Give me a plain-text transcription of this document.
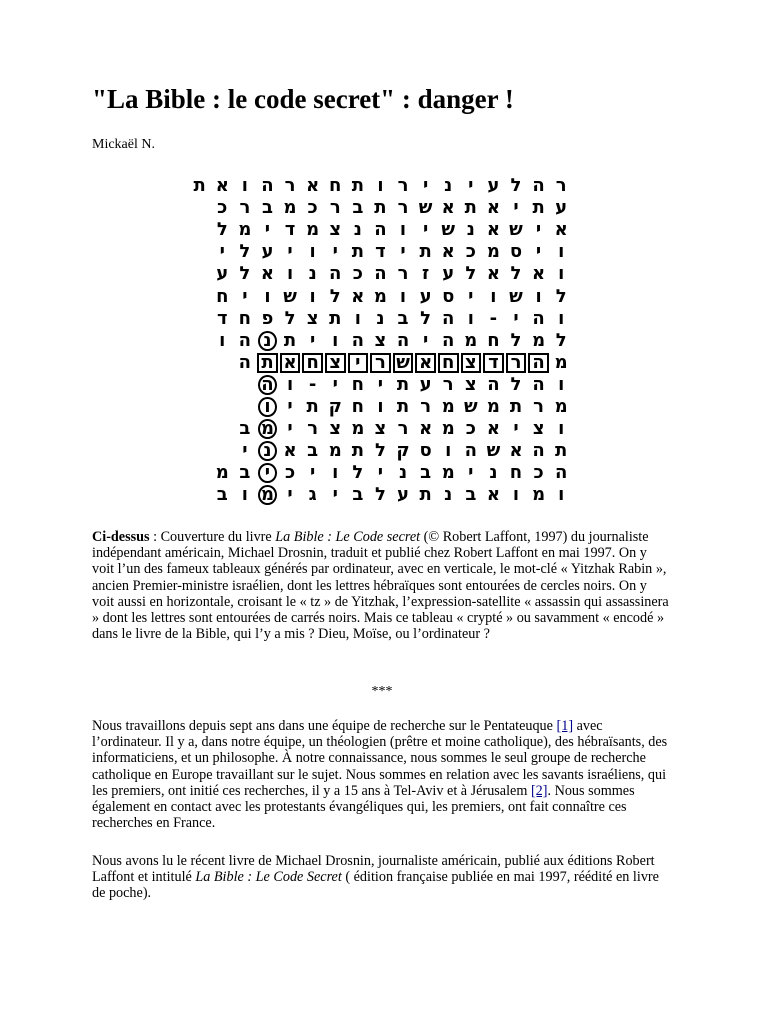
"La Bible : le code secret" : danger !
Mickaël N.
ר
ה
ל
ע
י
נ
י
ר
ו
ת
ח
א
ר
ה
ו
א
ת
ע
ת
י
א
ת
א
ש
ר
ת
ב
ר
כ
מ
ב
ר
כ
א
י
ש
א
נ
ש
י
ו
ה
נ
צ
מ
ד
י
מ
ל
ו
י
ס
מ
כ
א
ת
י
ד
ת
י
ו
י
ע
ל
י
ו
א
ל
א
ל
ע
ז
ר
ה
כ
ה
נ
ו
א
ל
ע
ל
ו
ש
ו
י
ס
ע
ו
מ
א
ל
ו
ש
ו
י
ח
ו
ה
י
-
ו
ה
ל
ב
נ
ו
ת
צ
ל
פ
ח
ד
ל
מ
ל
ח
מ
ה
י
ה
צ
ה
ו
י
ת
נ
ה
ו
מ
ה
ר
ד
צ
ח
א
ש
ר
י
צ
ח
א
ת
ה
ו
ה
ל
ה
צ
ר
ע
ת
י
ח
י
-
ו
ה
מ
ר
ת
מ
ש
מ
ר
ת
ו
ח
ק
ת
י
ו
ו
צ
י
א
כ
מ
א
ר
צ
מ
צ
ר
י
מ
ב
ת
ה
א
ש
ה
ו
ס
ק
ל
ת
מ
ב
א
נ
י
ה
כ
ח
נ
י
מ
ב
נ
י
ל
ו
י
כ
י
ב
מ
ו
מ
ו
א
ב
נ
ת
ע
ל
ב
י
ג
י
מ
ו
ב

Ci-dessus : Couverture du livre La Bible : Le Code secret (© Robert Laffont, 1997) du journaliste indépendant américain, Michael Drosnin, traduit et publié chez Robert Laffont en mai 1997. On y voit l’un des fameux tableaux générés par ordinateur, avec en verticale, le mot-clé « Yitzhak Rabin », ancien Premier-ministre israélien, dont les lettres hébraïques sont entourées de cercles noirs. On y voit aussi en horizontale, croisant le « tz » de Yitzhak, l’expression-satellite « assassin qui assassinera » dont les lettres sont entourées de carrés noirs. Mais ce tableau « crypté » ou savamment « encodé » dans le livre de la Bible, qui l’y a mis ? Dieu, Moïse, ou l’ordinateur ?

***

Nous travaillons depuis sept ans dans une équipe de recherche sur le Pentateuque [1] avec l’ordinateur. Il y a, dans notre équipe, un théologien (prêtre et moine catholique), des hébraïsants, des informaticiens, et un philosophe. À notre connaissance, nous sommes le seul groupe de recherche catholique en Europe travaillant sur le sujet. Nous sommes en relation avec les savants israéliens, qui les premiers, ont initié ces recherches, il y a 15 ans à Tel-Aviv et à Jérusalem [2]. Nous sommes également en contact avec les protestants évangéliques qui, les premiers, ont fait connaître ces recherches en France.

Nous avons lu le récent livre de Michael Drosnin, journaliste américain, publié aux éditions Robert Laffont et intitulé La Bible : Le Code Secret ( édition française publiée en mai 1997, réédité en livre de poche).
